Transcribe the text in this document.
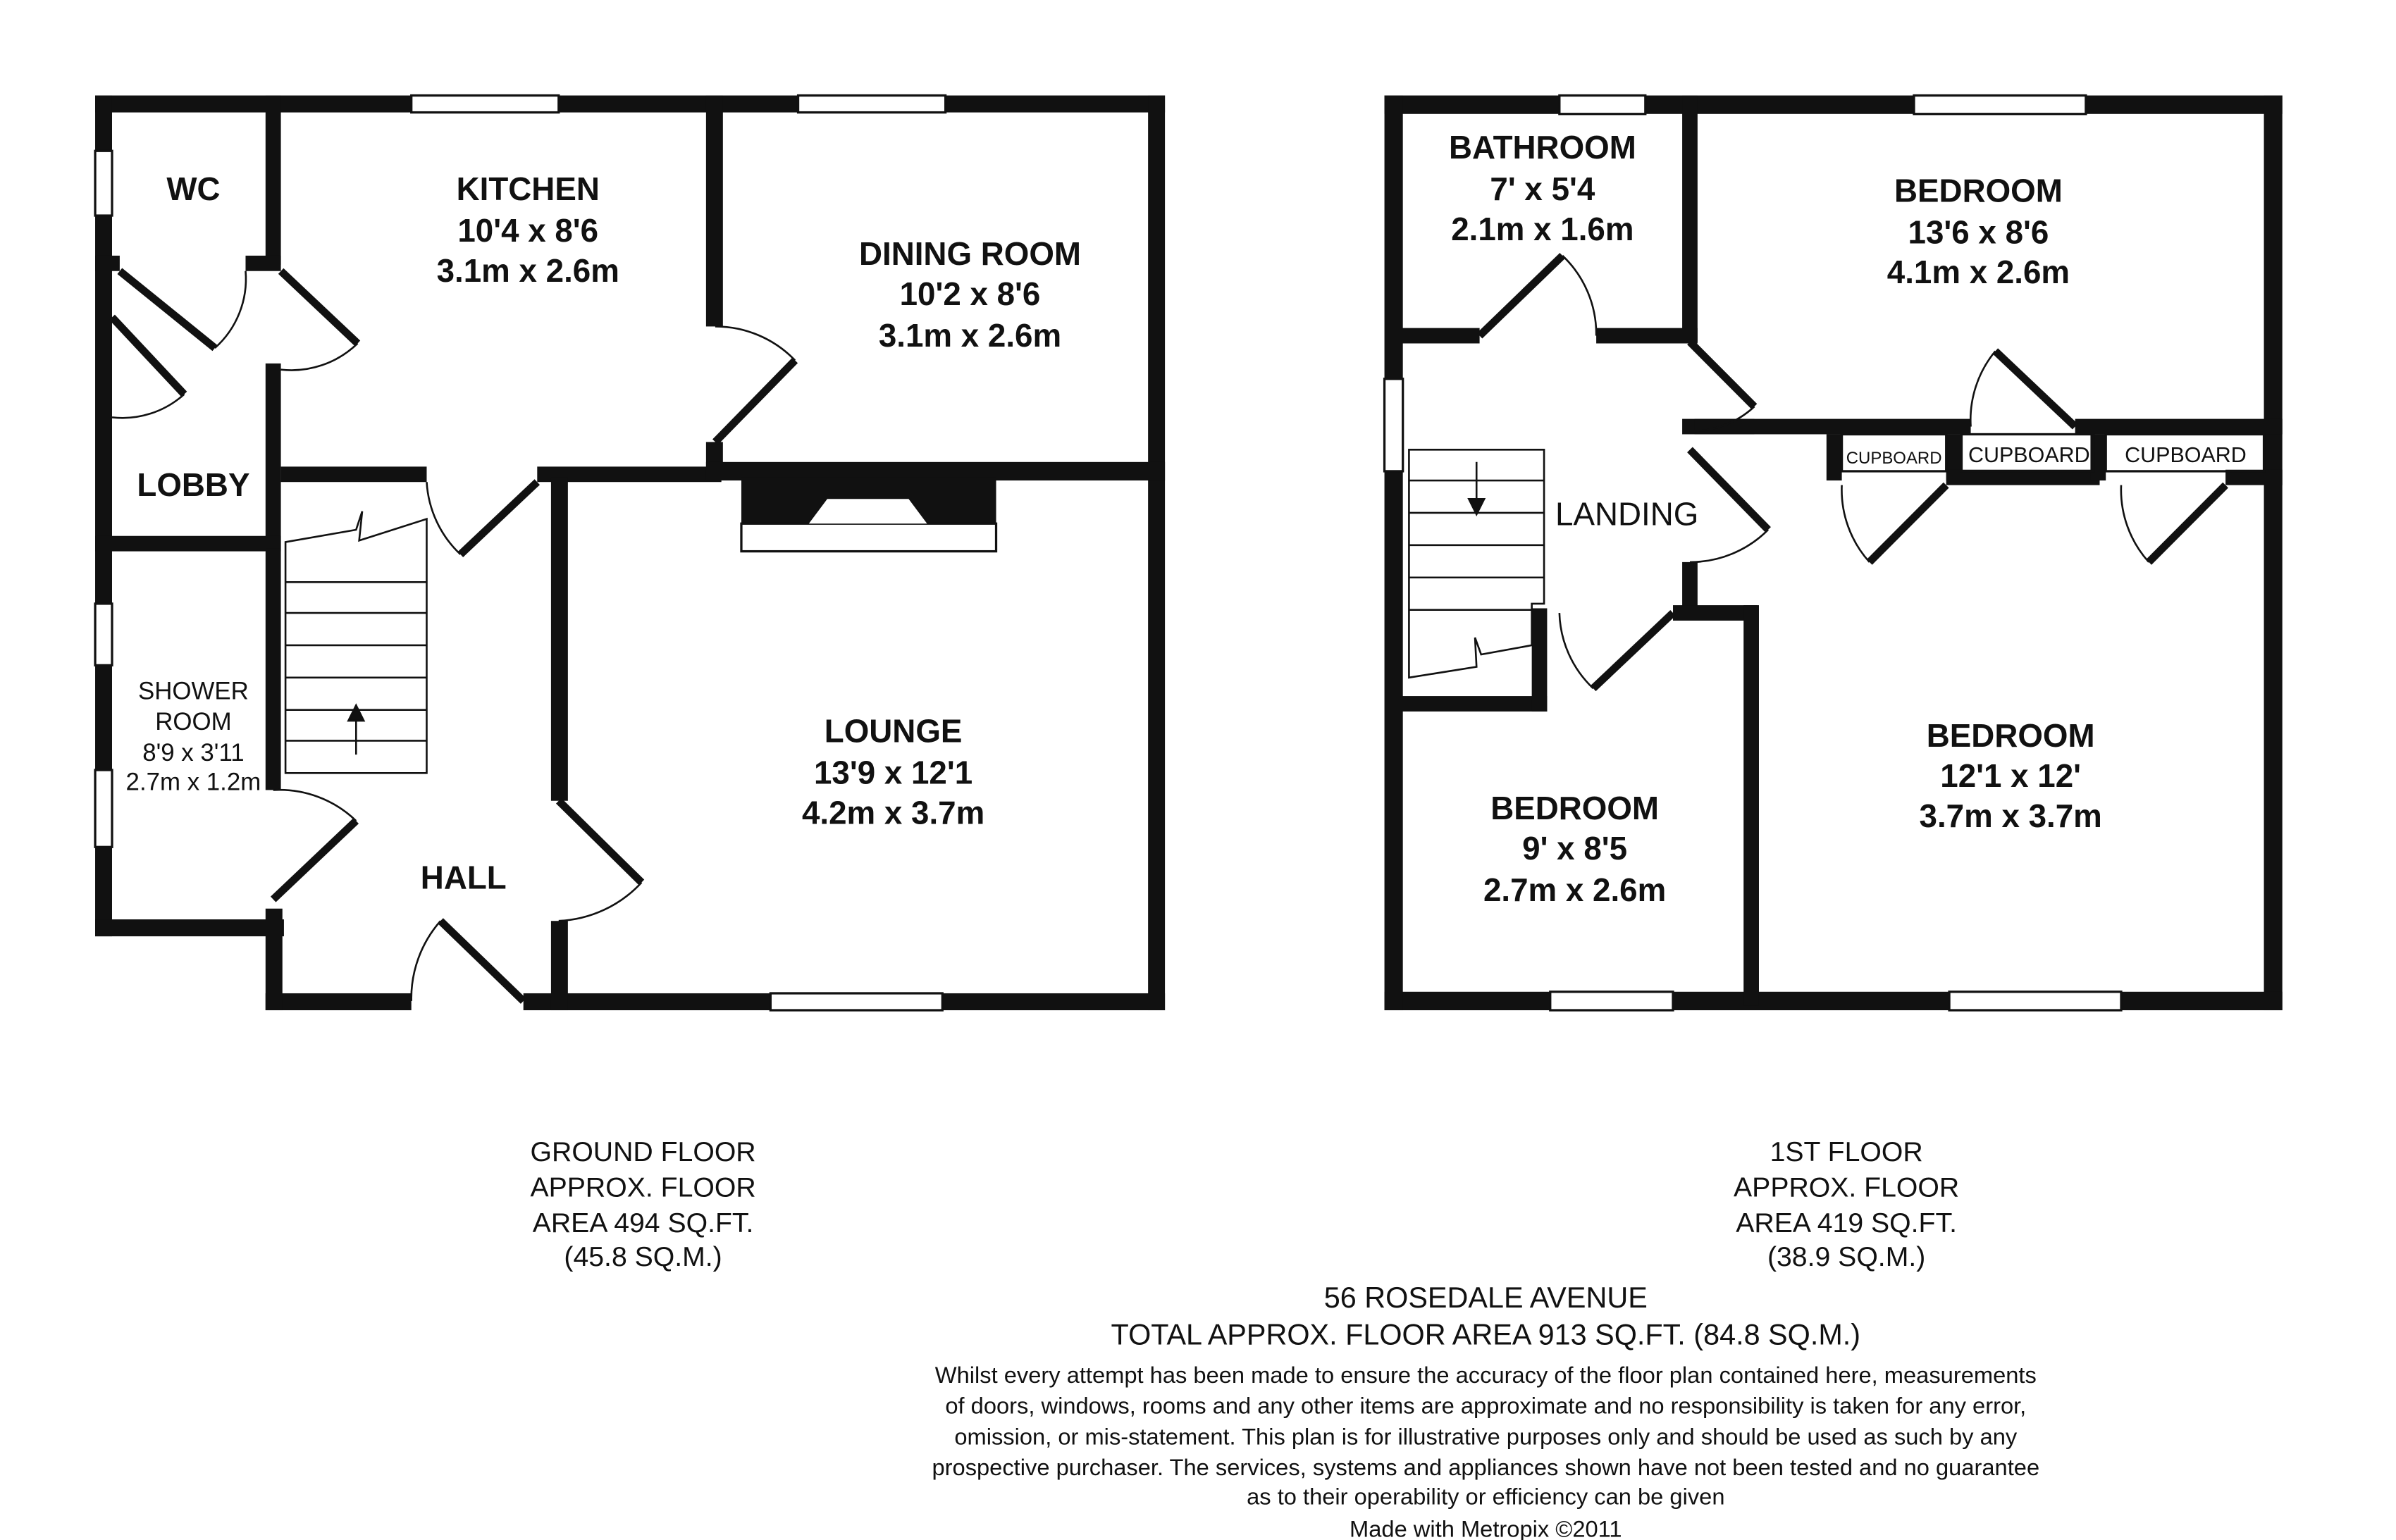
WC
LOBBY
SHOWER
ROOM
8'9 x 3'11
2.7m x 1.2m
KITCHEN
10'4 x 8'6
3.1m x 2.6m	DINING ROOM
10'2 x 8'6
3.1m x 2.6m
LOUNGE
13'9 x 12'1
4.2m x 3.7m
HALL
BATHROOM
7' x 5'4
2.1m x 1.6m
BEDROOM
13'6 x 8'6
4.1m x 2.6m
LANDING
CUPBOARD	CUPBOARD	CUPBOARD
BEDROOM
12'1 x 12'
3.7m x 3.7m
BEDROOM
9' x 8'5
2.7m x 2.6m
GROUND FLOOR
APPROX. FLOOR
AREA 494 SQ.FT.
(45.8 SQ.M.)
1ST FLOOR
APPROX. FLOOR
AREA 419 SQ.FT.
(38.9 SQ.M.)
56 ROSEDALE AVENUE
TOTAL APPROX. FLOOR AREA 913 SQ.FT. (84.8 SQ.M.)
Whilst every attempt has been made to ensure the accuracy of the floor plan contained here, measurements
of doors, windows, rooms and any other items are approximate and no responsibility is taken for any error,
omission, or mis-statement. This plan is for illustrative purposes only and should be used as such by any
prospective purchaser. The services, systems and appliances shown have not been tested and no guarantee
as to their operability or efficiency can be given
Made with Metropix ©2011
